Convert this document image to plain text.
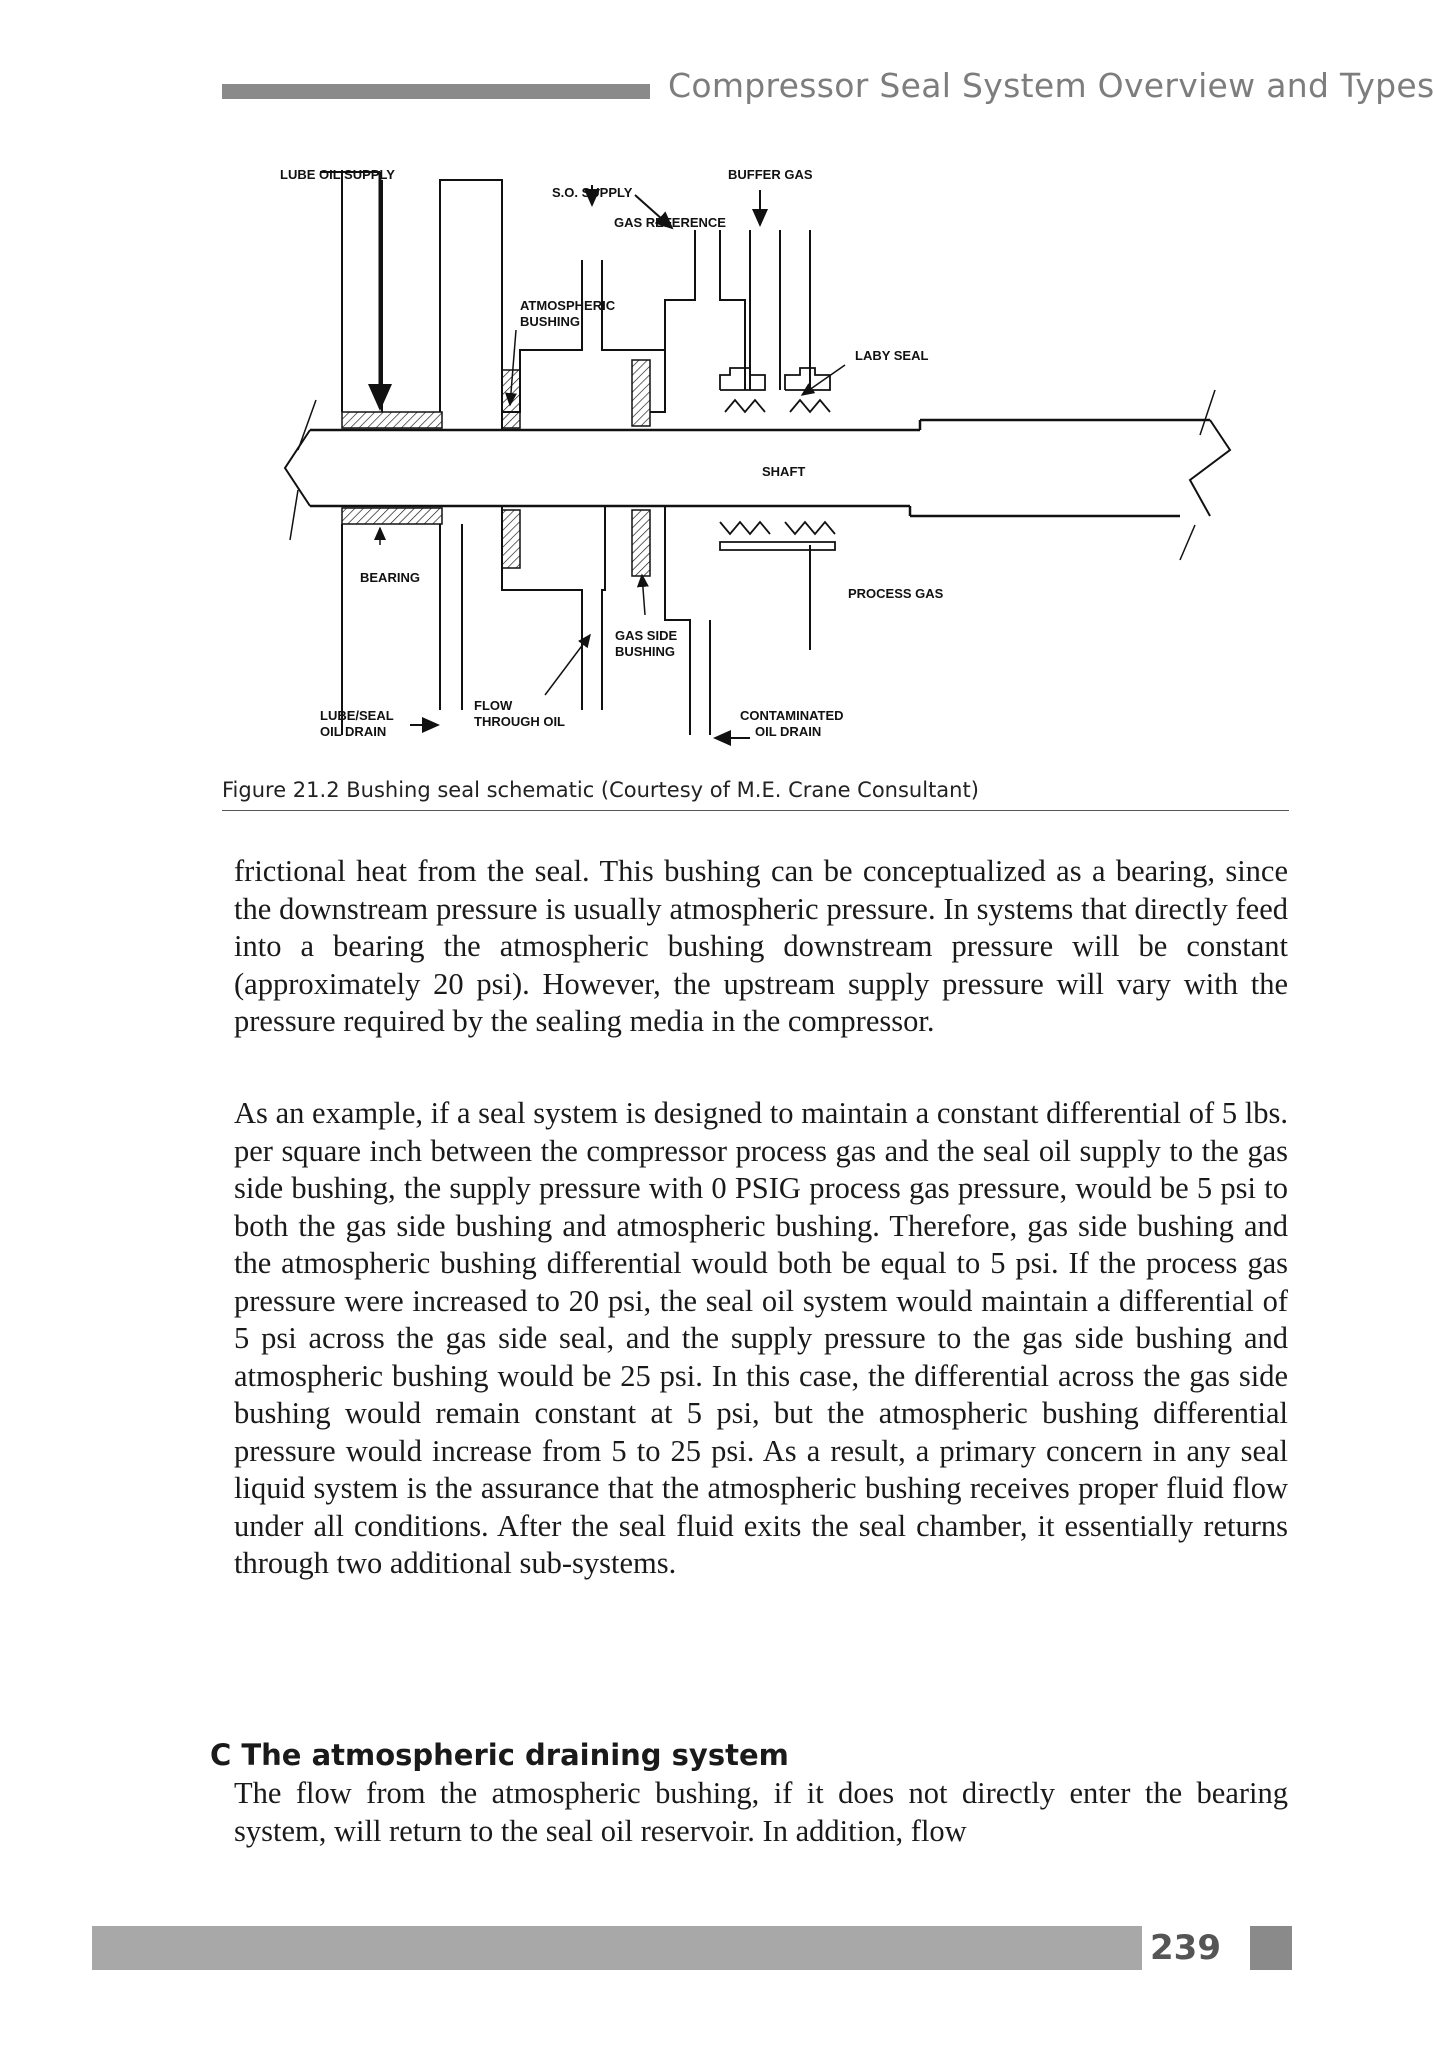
Compressor Seal System Overview and Types
LUBE OIL SUPPLY
S.O. SUPPLY
BUFFER GAS
GAS REFERENCE
ATMOSPHERIC
BUSHING
LABY SEAL
SHAFT
BEARING
PROCESS GAS
GAS SIDE
BUSHING
LUBE/SEAL
OIL DRAIN
FLOW
THROUGH OIL	CONTAMINATED
OIL DRAIN
Figure 21.2 Bushing seal schematic (Courtesy of M.E. Crane Consultant)

frictional heat from the seal. This bushing can be conceptualized as a bearing, since the downstream pressure is usually atmospheric pressure. In systems that directly feed into a bearing the atmospheric bushing downstream pressure will be constant (approximately 20 psi). However, the upstream supply pressure will vary with the pressure required by the sealing media in the compressor.

As an example, if a seal system is designed to maintain a constant differential of 5 lbs. per square inch between the compressor process gas and the seal oil supply to the gas side bushing, the supply pressure with 0 PSIG process gas pressure, would be 5 psi to both the gas side bushing and atmospheric bushing. Therefore, gas side bushing and the atmospheric bushing differential would both be equal to 5 psi. If the process gas pressure were increased to 20 psi, the seal oil system would maintain a differential of 5 psi across the gas side seal, and the supply pressure to the gas side bushing and atmospheric bushing would be 25 psi. In this case, the differential across the gas side bushing would remain constant at 5 psi, but the atmospheric bushing differential pressure would increase from 5 to 25 psi. As a result, a primary concern in any seal liquid system is the assurance that the atmospheric bushing receives proper fluid flow under all conditions. After the seal fluid exits the seal chamber, it essentially returns through two additional sub-systems.

C The atmospheric draining system

The flow from the atmospheric bushing, if it does not directly enter the bearing system, will return to the seal oil reservoir. In addition, flow

239
